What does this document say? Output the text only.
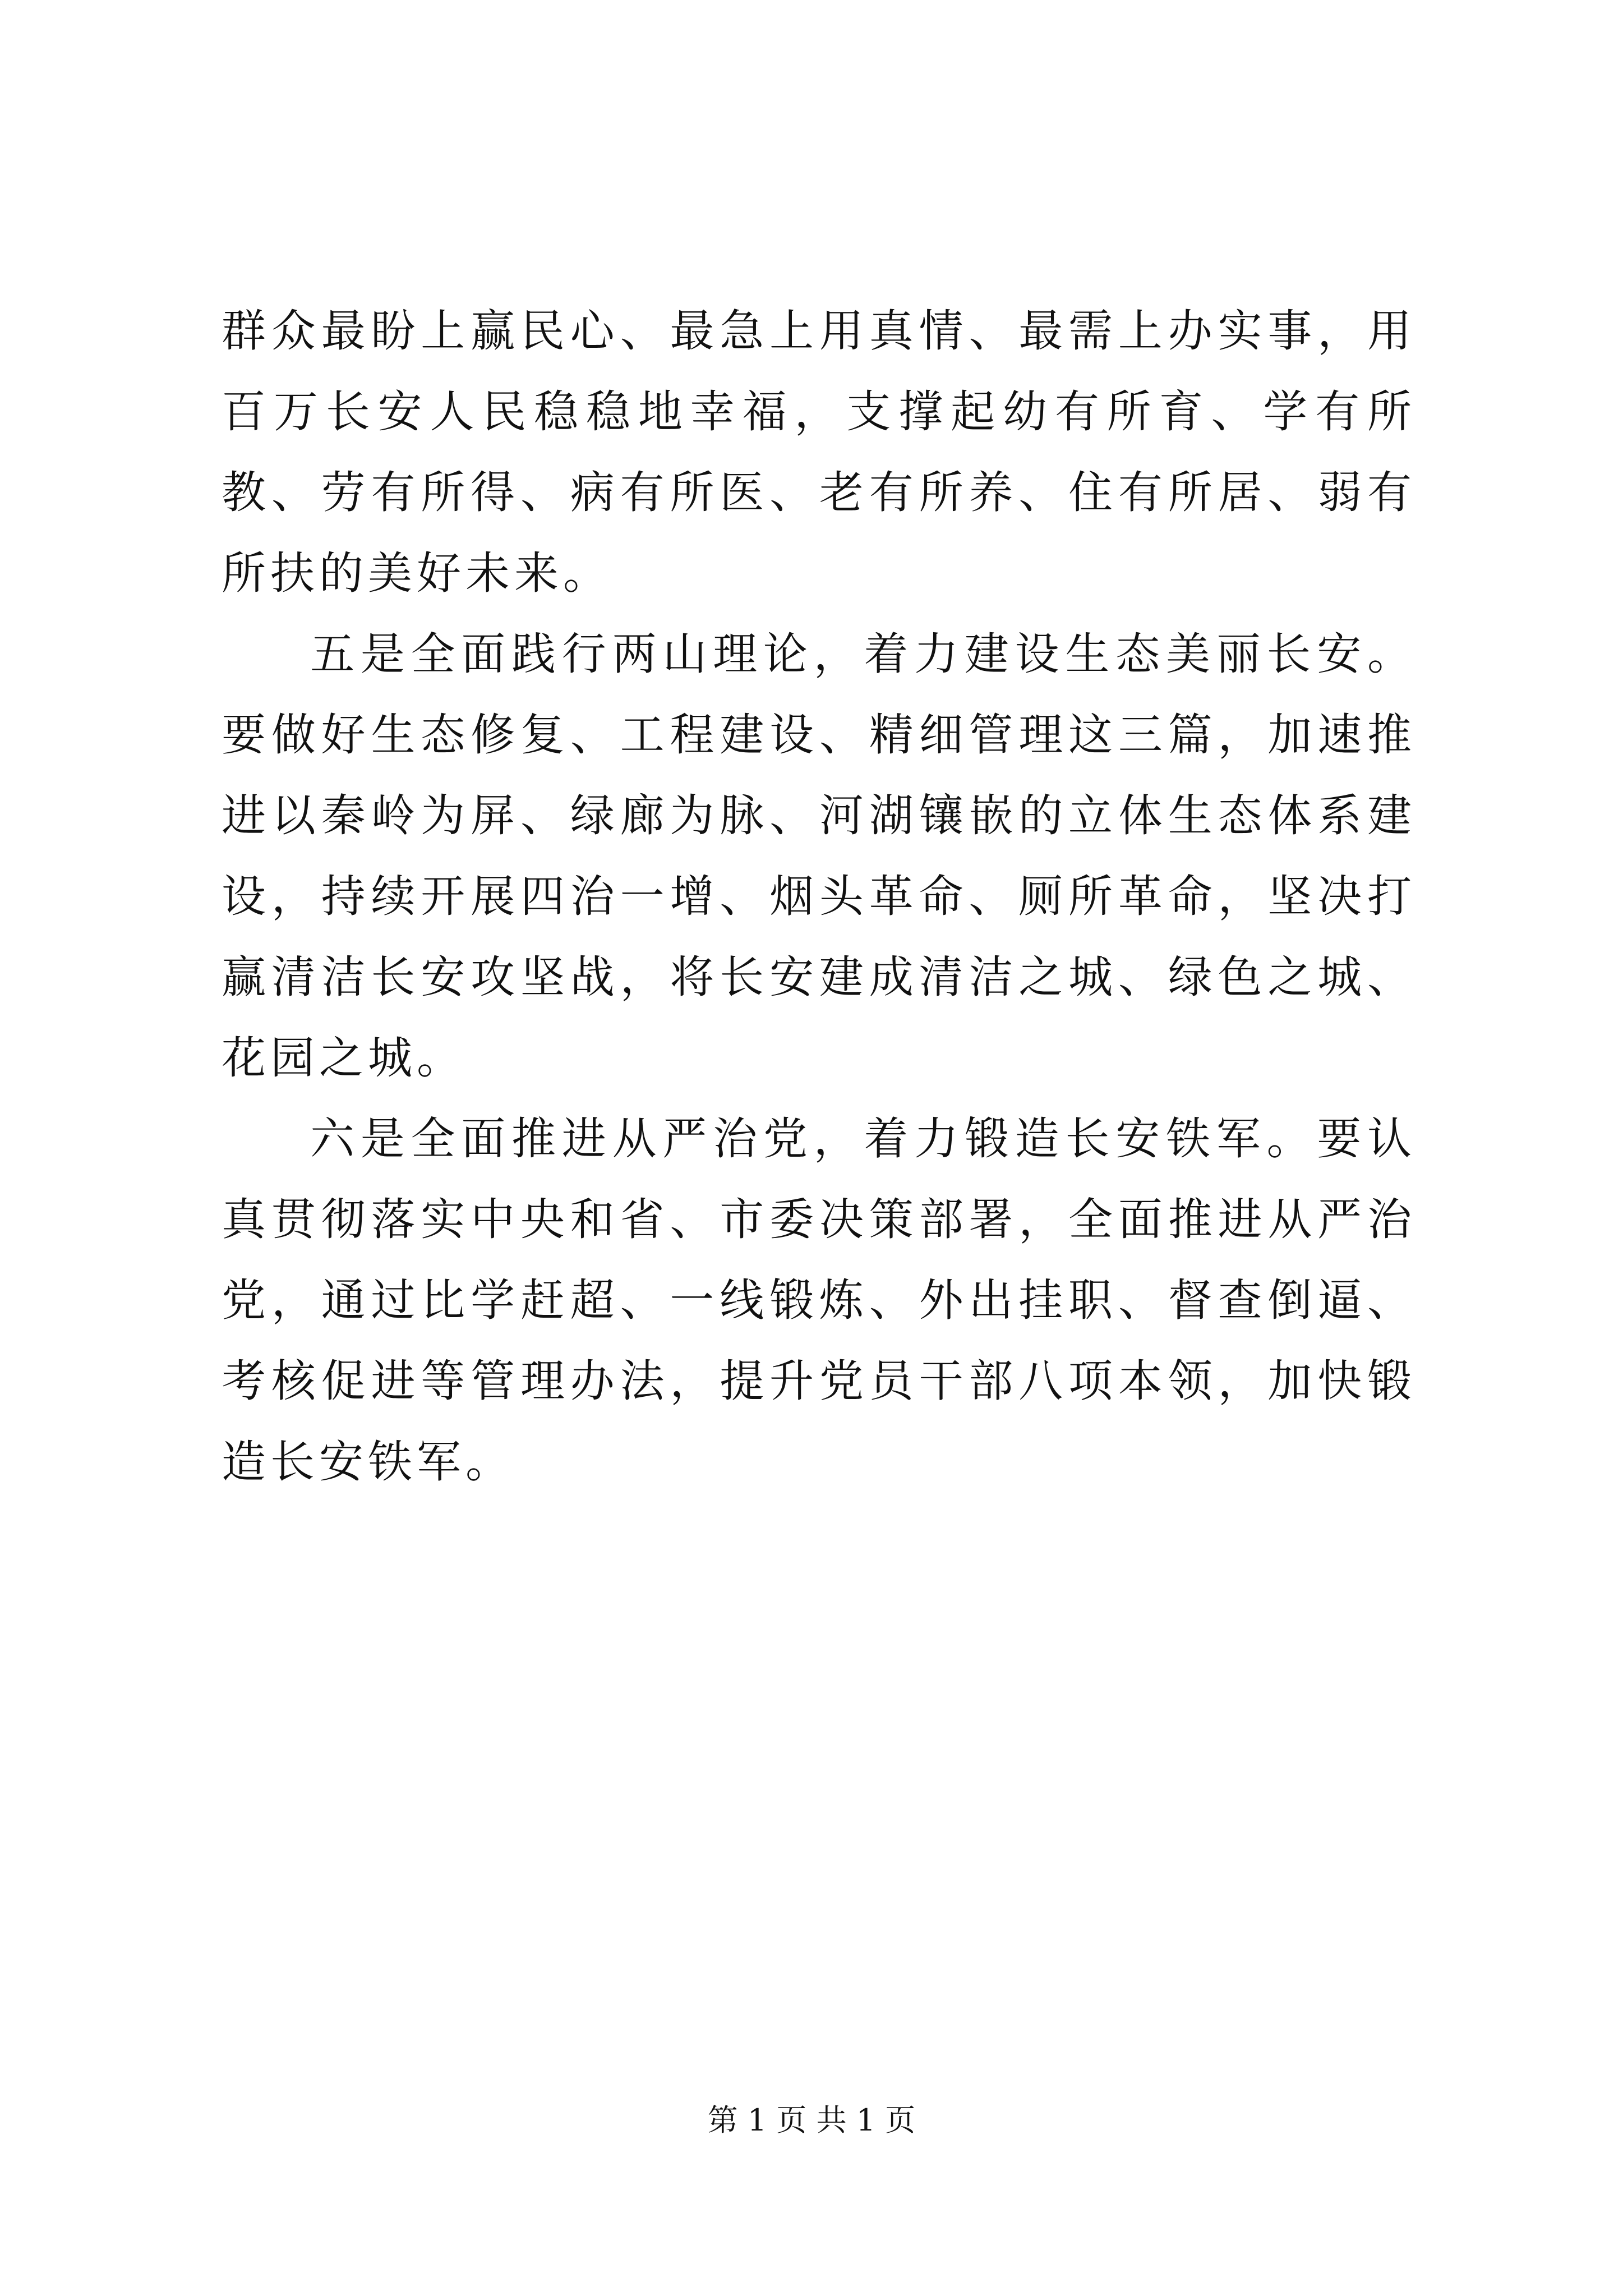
群众最盼上赢民心、最急上用真情、最需上办实事，用百万长安人民稳稳地幸福，支撑起幼有所育、学有所教、劳有所得、病有所医、老有所养、住有所居、弱有所扶的美好未来。

五是全面践行两山理论，着力建设生态美丽长安。要做好生态修复、工程建设、精细管理这三篇，加速推进以秦岭为屏、绿廊为脉、河湖镶嵌的立体生态体系建设，持续开展四治一增、烟头革命、厕所革命，坚决打赢清洁长安攻坚战，将长安建成清洁之城、绿色之城、花园之城。

六是全面推进从严治党，着力锻造长安铁军。要认真贯彻落实中央和省、市委决策部署，全面推进从严治党，通过比学赶超、一线锻炼、外出挂职、督查倒逼、考核促进等管理办法，提升党员干部八项本领，加快锻造长安铁军。

第 1 页 共 1 页
